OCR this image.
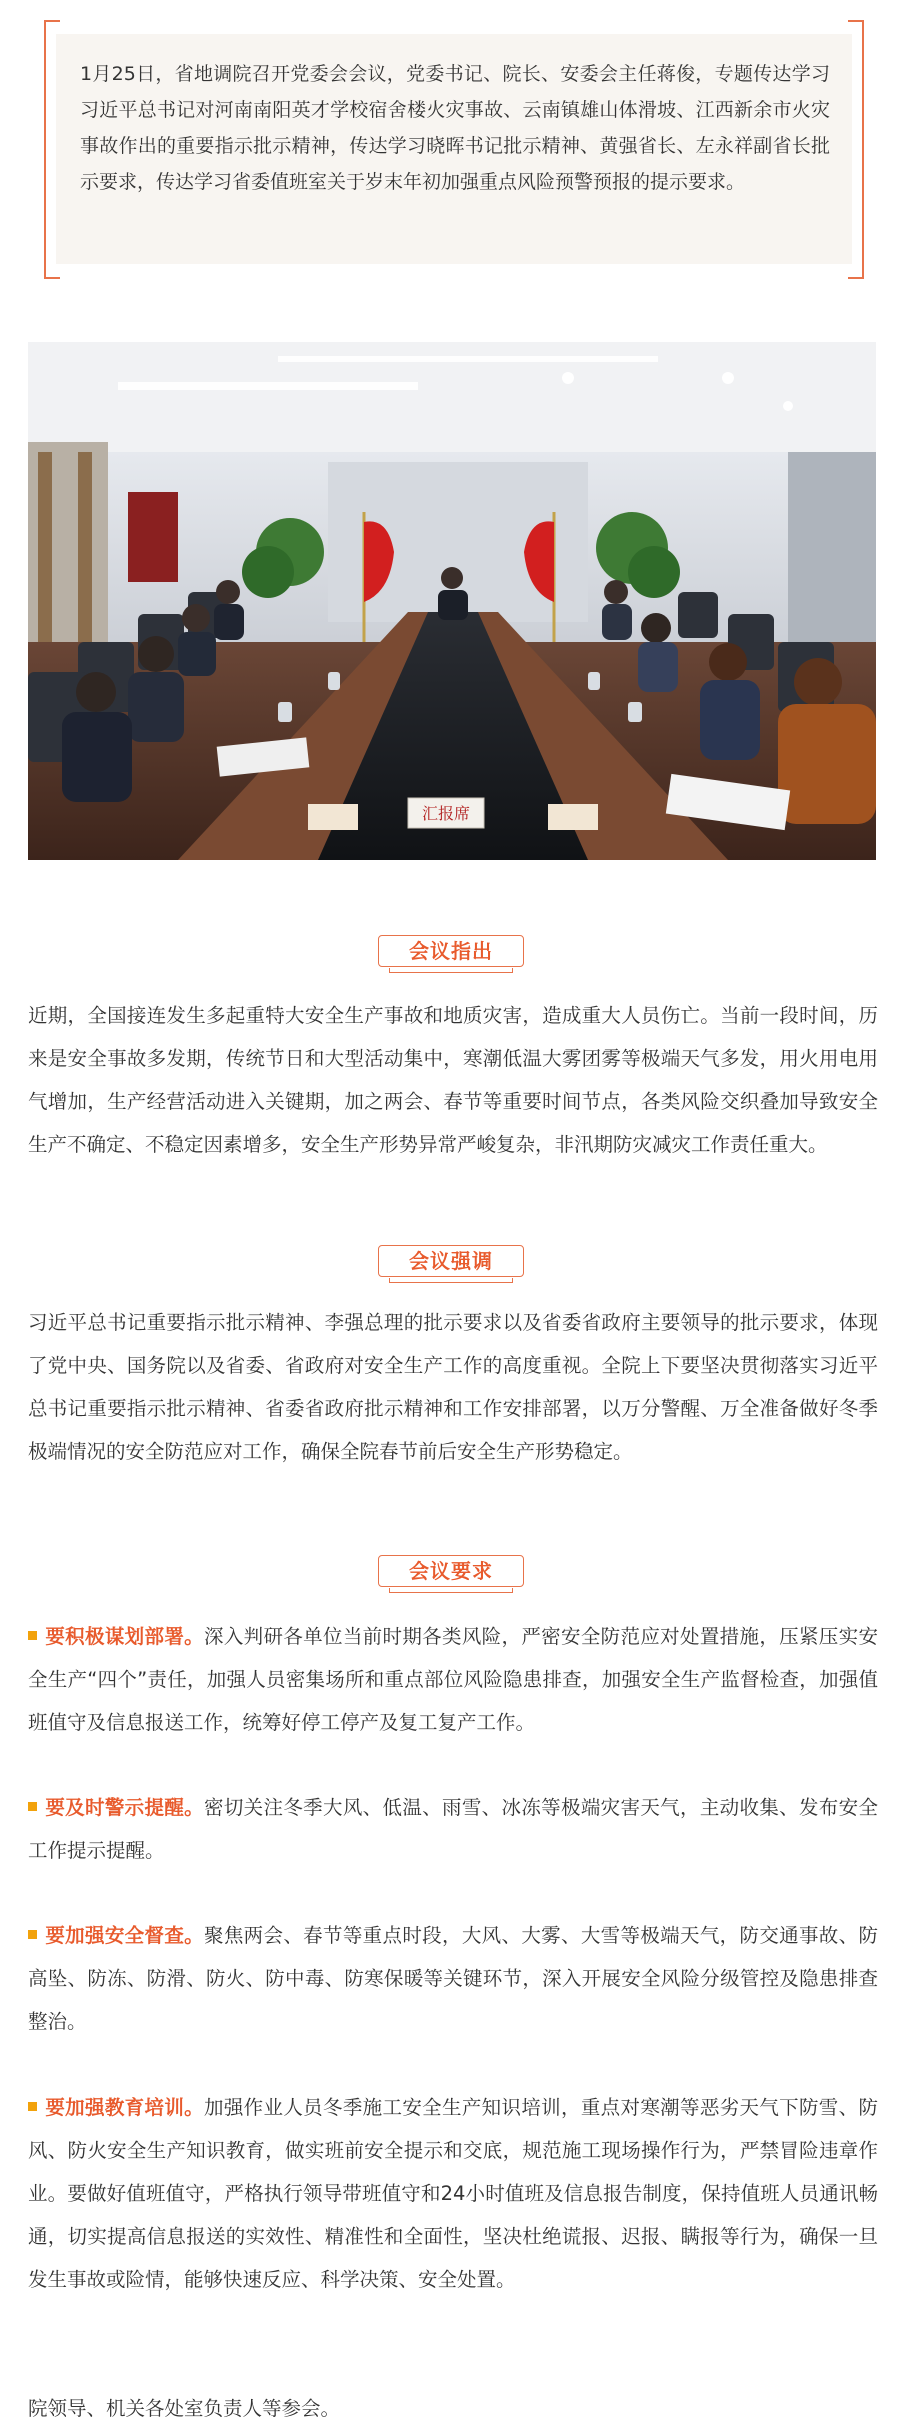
1月25日，省地调院召开党委会会议，党委书记、院长、安委会主任蒋俊，专题传达学习习近平总书记对河南南阳英才学校宿舍楼火灾事故、云南镇雄山体滑坡、江西新余市火灾事故作出的重要指示批示精神，传达学习晓晖书记批示精神、黄强省长、左永祥副省长批示要求，传达学习省委值班室关于岁末年初加强重点风险预警预报的提示要求。

汇报席
会议指出

近期，全国接连发生多起重特大安全生产事故和地质灾害，造成重大人员伤亡。当前一段时间，历来是安全事故多发期，传统节日和大型活动集中，寒潮低温大雾团雾等极端天气多发，用火用电用气增加，生产经营活动进入关键期，加之两会、春节等重要时间节点，各类风险交织叠加导致安全生产不确定、不稳定因素增多，安全生产形势异常严峻复杂，非汛期防灾减灾工作责任重大。

会议强调

习近平总书记重要指示批示精神、李强总理的批示要求以及省委省政府主要领导的批示要求，体现了党中央、国务院以及省委、省政府对安全生产工作的高度重视。全院上下要坚决贯彻落实习近平总书记重要指示批示精神、省委省政府批示精神和工作安排部署，以万分警醒、万全准备做好冬季极端情况的安全防范应对工作，确保全院春节前后安全生产形势稳定。

会议要求

要积极谋划部署。深入判研各单位当前时期各类风险，严密安全防范应对处置措施，压紧压实安全生产“四个”责任，加强人员密集场所和重点部位风险隐患排查，加强安全生产监督检查，加强值班值守及信息报送工作，统筹好停工停产及复工复产工作。

要及时警示提醒。密切关注冬季大风、低温、雨雪、冰冻等极端灾害天气，主动收集、发布安全工作提示提醒。

要加强安全督查。聚焦两会、春节等重点时段，大风、大雾、大雪等极端天气，防交通事故、防高坠、防冻、防滑、防火、防中毒、防寒保暖等关键环节，深入开展安全风险分级管控及隐患排查整治。

要加强教育培训。加强作业人员冬季施工安全生产知识培训，重点对寒潮等恶劣天气下防雪、防风、防火安全生产知识教育，做实班前安全提示和交底，规范施工现场操作行为，严禁冒险违章作业。要做好值班值守，严格执行领导带班值守和24小时值班及信息报告制度，保持值班人员通讯畅通，切实提高信息报送的实效性、精准性和全面性，坚决杜绝谎报、迟报、瞒报等行为，确保一旦发生事故或险情，能够快速反应、科学决策、安全处置。

院领导、机关各处室负责人等参会。
